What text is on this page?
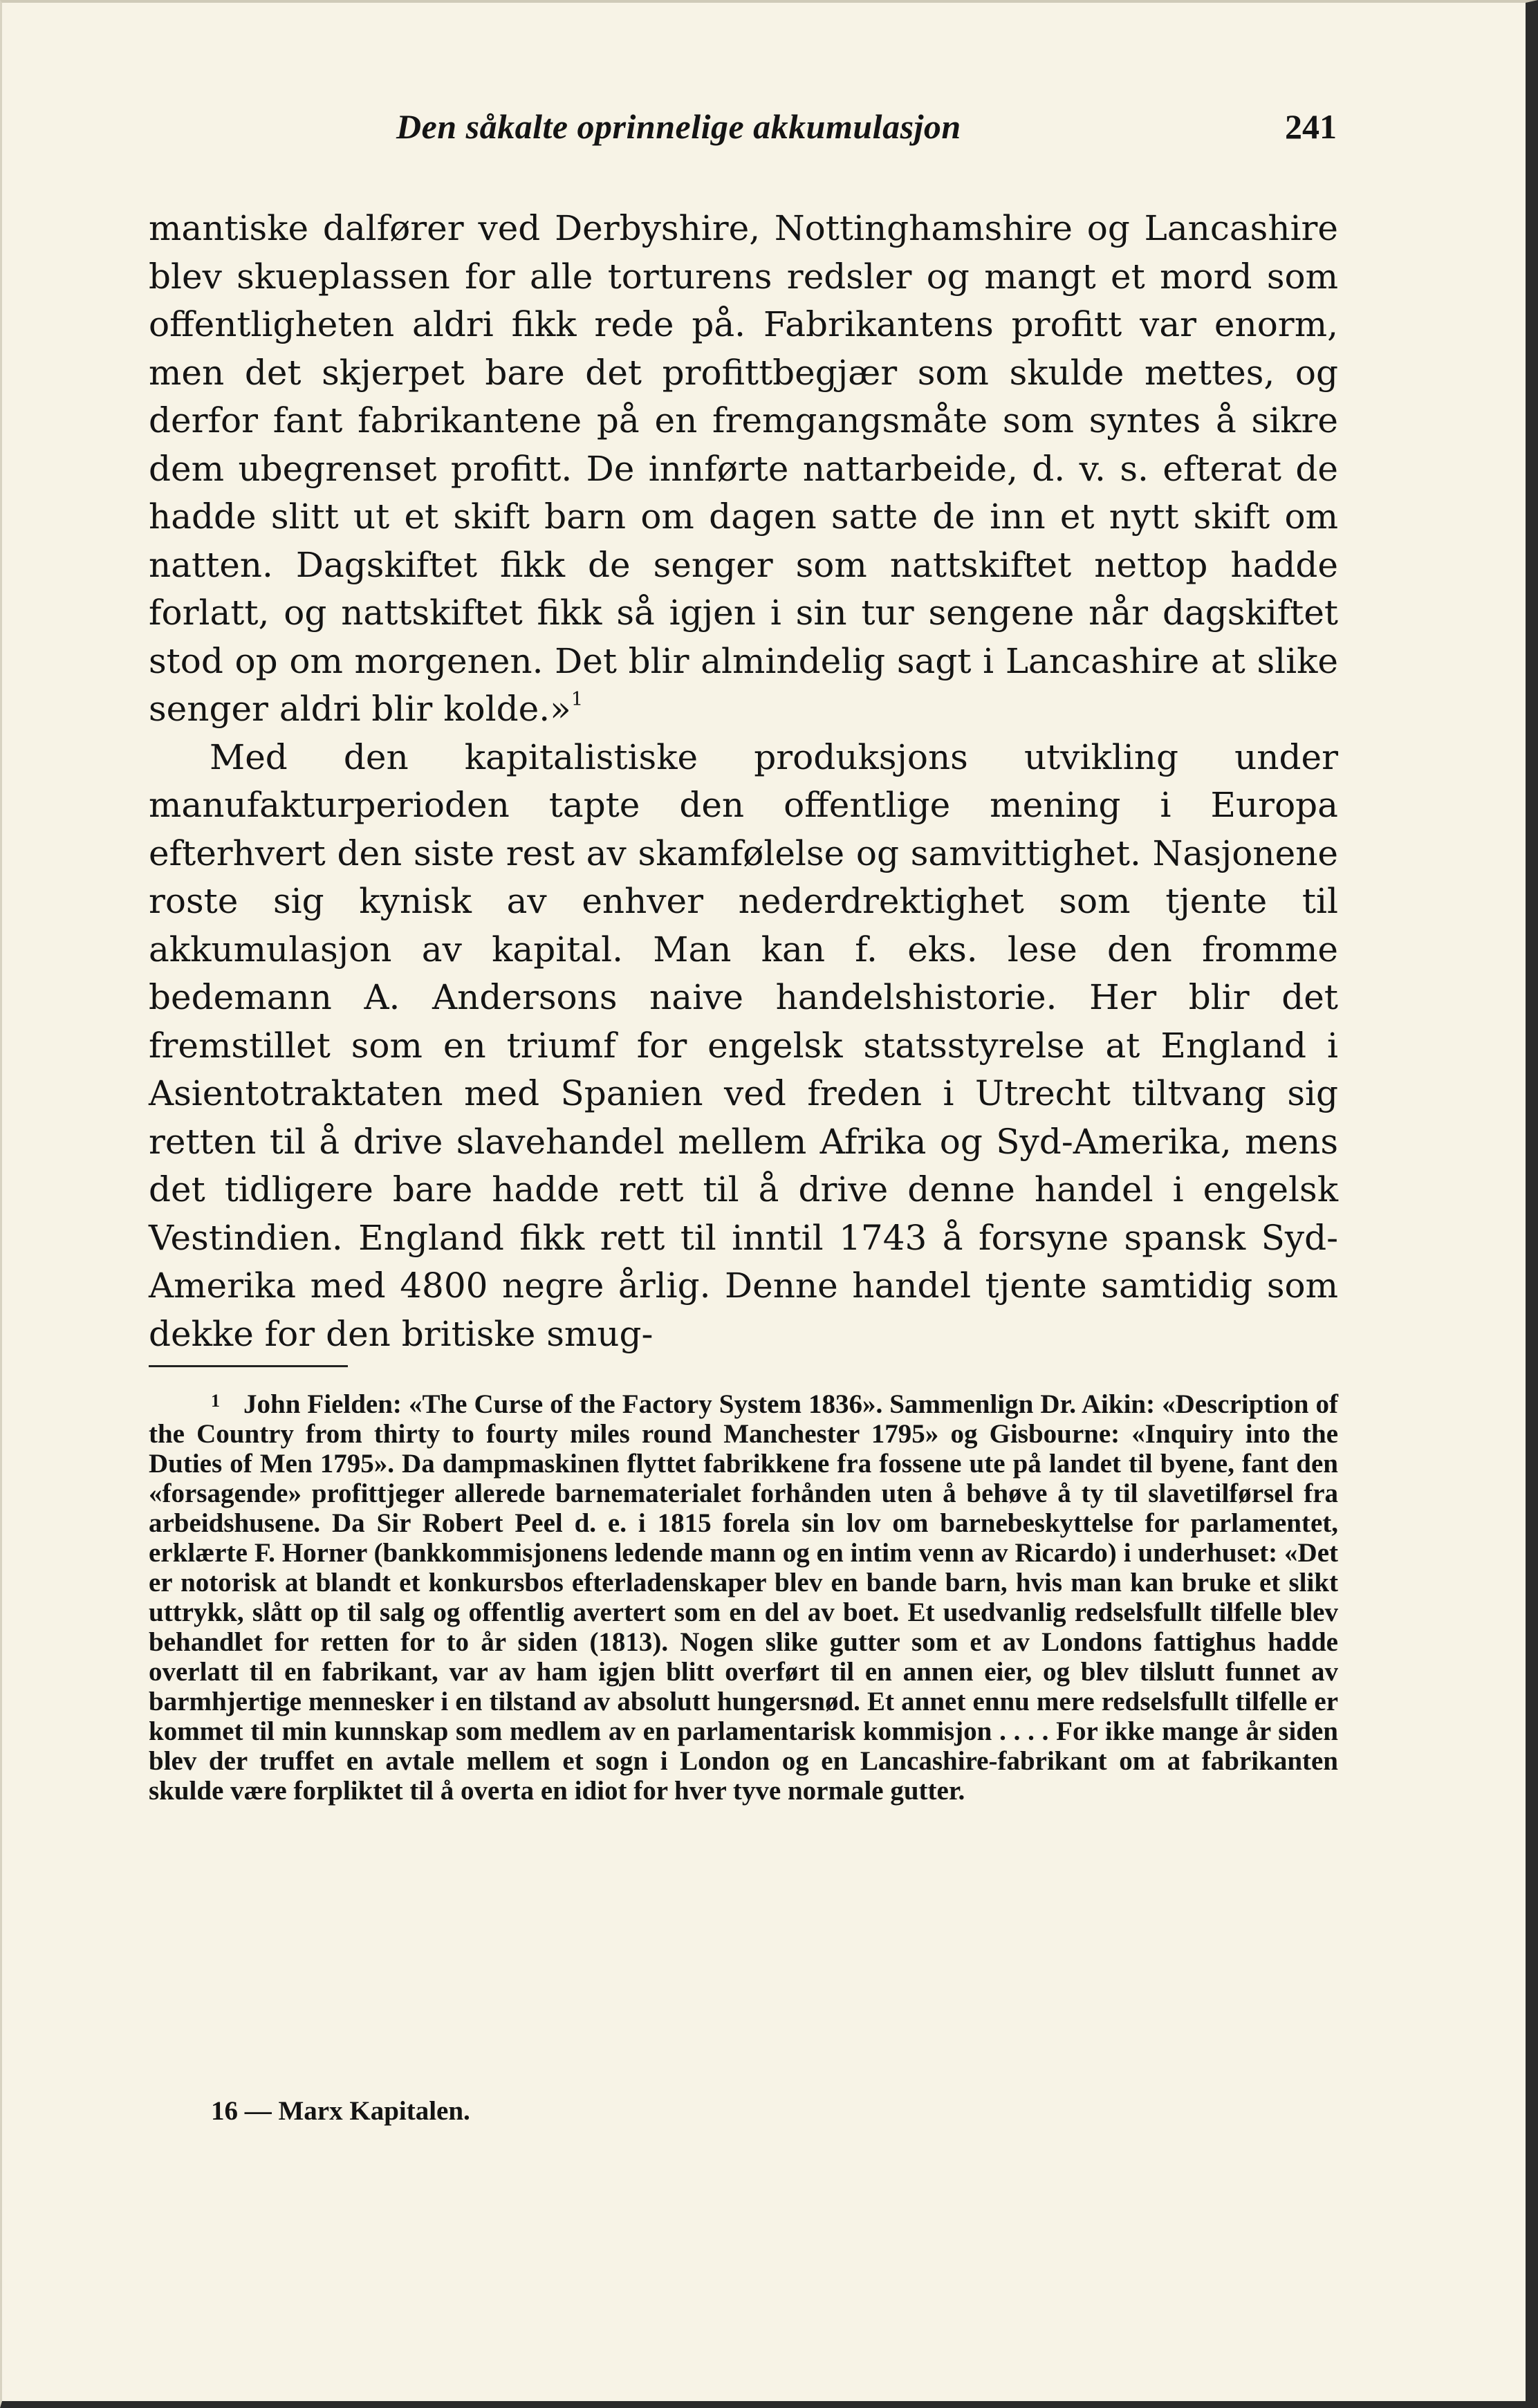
Den såkalte oprinnelige akkumulasjon	241

mantiske dalfører ved Derbyshire, Nottinghamshire og Lancashire blev skueplassen for alle torturens redsler og mangt et mord som offentligheten aldri fikk rede på. Fabrikantens profitt var enorm, men det skjerpet bare det profittbegjær som skulde mettes, og derfor fant fabrikantene på en fremgangsmåte som syntes å sikre dem ubegrenset profitt. De innførte nattarbeide, d. v. s. efterat de hadde slitt ut et skift barn om dagen satte de inn et nytt skift om natten. Dagskiftet fikk de senger som nattskiftet nettop hadde forlatt, og nattskiftet fikk så igjen i sin tur sengene når dagskiftet stod op om morgenen. Det blir almindelig sagt i Lancashire at slike senger aldri blir kolde.»$^1$

Med den kapitalistiske produksjons utvikling under manufakturperioden tapte den offentlige mening i Europa efterhvert den siste rest av skamfølelse og samvittighet. Nasjonene roste sig kynisk av enhver nederdrektighet som tjente til akkumulasjon av kapital. Man kan f. eks. lese den fromme bedemann A. Andersons naive handelshistorie. Her blir det fremstillet som en triumf for engelsk statsstyrelse at England i Asientotraktaten med Spanien ved freden i Utrecht tiltvang sig retten til å drive slavehandel mellem Afrika og Syd-Amerika, mens det tidligere bare hadde rett til å drive denne handel i engelsk Vestindien. England fikk rett til inntil 1743 å forsyne spansk Syd-Amerika med 4800 negre årlig. Denne handel tjente samtidig som dekke for den britiske smug-

$^1$ John Fielden: «The Curse of the Factory System 1836». Sammenlign Dr. Aikin: «Description of the Country from thirty to fourty miles round Manchester 1795» og Gisbourne: «Inquiry into the Duties of Men 1795». Da dampmaskinen flyttet fabrikkene fra fossene ute på landet til byene, fant den «forsagende» profittjeger allerede barnematerialet forhånden uten å behøve å ty til slavetilførsel fra arbeidshusene. Da Sir Robert Peel d. e. i 1815 forela sin lov om barnebeskyttelse for parlamentet, erklærte F. Horner (bankkommisjonens ledende mann og en intim venn av Ricardo) i underhuset: «Det er notorisk at blandt et konkursbos efterladenskaper blev en bande barn, hvis man kan bruke et slikt uttrykk, slått op til salg og offentlig avertert som en del av boet. Et usedvanlig redselsfullt tilfelle blev behandlet for retten for to år siden (1813). Nogen slike gutter som et av Londons fattighus hadde overlatt til en fabrikant, var av ham igjen blitt overført til en annen eier, og blev tilslutt funnet av barmhjertige mennesker i en tilstand av absolutt hungersnød. Et annet ennu mere redselsfullt tilfelle er kommet til min kunnskap som medlem av en parlamentarisk kommisjon . . . . For ikke mange år siden blev der truffet en avtale mellem et sogn i London og en Lancashire-fabrikant om at fabrikanten skulde være forpliktet til å overta en idiot for hver tyve normale gutter.

16 — Marx Kapitalen.
